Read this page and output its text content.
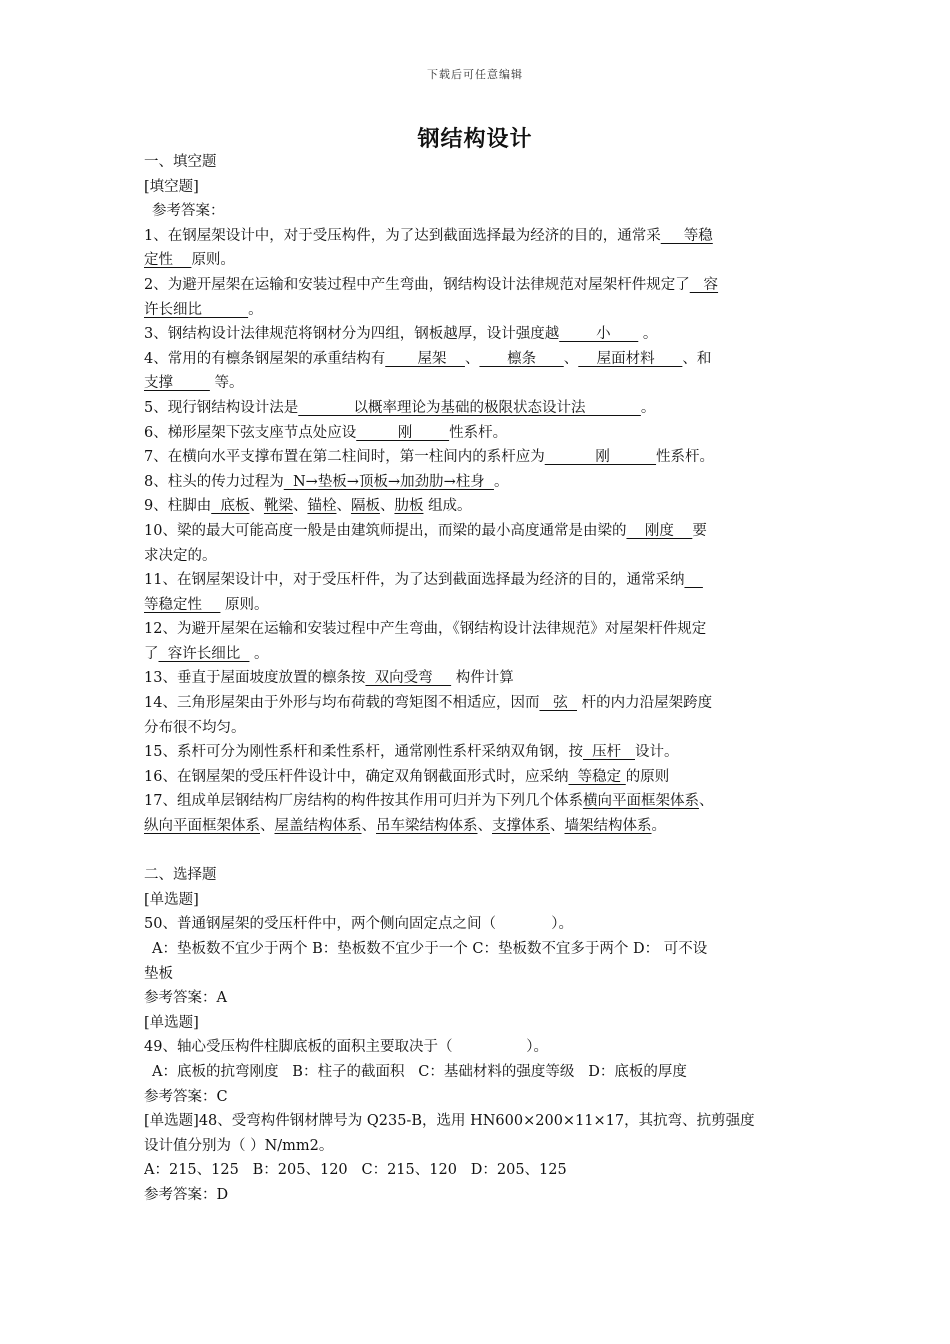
下载后可任意编辑
钢结构设计

一、填空题

[填空题]

参考答案：

1、在钢屋架设计中，对于受压构件，为了达到截面选择最为经济的目的，通常采     等稳

定性    原则。

2、为避开屋架在运输和安装过程中产生弯曲，钢结构设计法律规范对屋架杆件规定了   容

许长细比          。

3、钢结构设计法律规范将钢材分为四组，钢板越厚，设计强度越        小       。

4、常用的有檩条钢屋架的承重结构有       屋架    、      檩条      、    屋面材料      、和

支撑         等。

5、现行钢结构设计法是            以概率理论为基础的极限状态设计法            。

6、梯形屋架下弦支座节点处应设         刚        性系杆。

7、在横向水平支撑布置在第二柱间时，第一柱间内的系杆应为           刚          性系杆。

8、柱头的传力过程为  N→垫板→顶板→加劲肋→柱身  。

9、柱脚由  底板、靴梁、锚栓、隔板、肋板 组成。

10、梁的最大可能高度一般是由建筑师提出，而梁的最小高度通常是由梁的    刚度    要

求决定的。

11、在钢屋架设计中，对于受压杆件，为了达到截面选择最为经济的目的，通常采纳

等稳定性     原则。

12、为避开屋架在运输和安装过程中产生弯曲，《钢结构设计法律规范》对屋架杆件规定

了  容许长细比   。

13、垂直于屋面坡度放置的檩条按  双向受弯     构件计算

14、三角形屋架由于外形与均布荷载的弯矩图不相适应，因而   弦   杆的内力沿屋架跨度

分布很不均匀。

15、系杆可分为刚性系杆和柔性系杆，通常刚性系杆采纳双角钢，按  压杆   设计。

16、在钢屋架的受压杆件设计中，确定双角钢截面形式时，应采纳  等稳定 的原则

17、组成单层钢结构厂房结构的构件按其作用可归并为下列几个体系横向平面框架体系、

纵向平面框架体系、屋盖结构体系、吊车梁结构体系、支撑体系、墙架结构体系。

二、选择题

[单选题]

50、普通钢屋架的受压杆件中，两个侧向固定点之间（            ）。

A：垫板数不宜少于两个 B：垫板数不宜少于一个 C：垫板数不宜多于两个 D： 可不设

垫板

参考答案：A

[单选题]

49、轴心受压构件柱脚底板的面积主要取决于（                ）。

A：底板的抗弯刚度   B：柱子的截面积   C：基础材料的强度等级   D：底板的厚度

参考答案：C

[单选题]48、受弯构件钢材牌号为 Q235-B，选用 HN600×200×11×17，其抗弯、抗剪强度

设计值分别为（ ）N/mm2。

A：215、125   B：205、120   C：215、120   D：205、125

参考答案：D
